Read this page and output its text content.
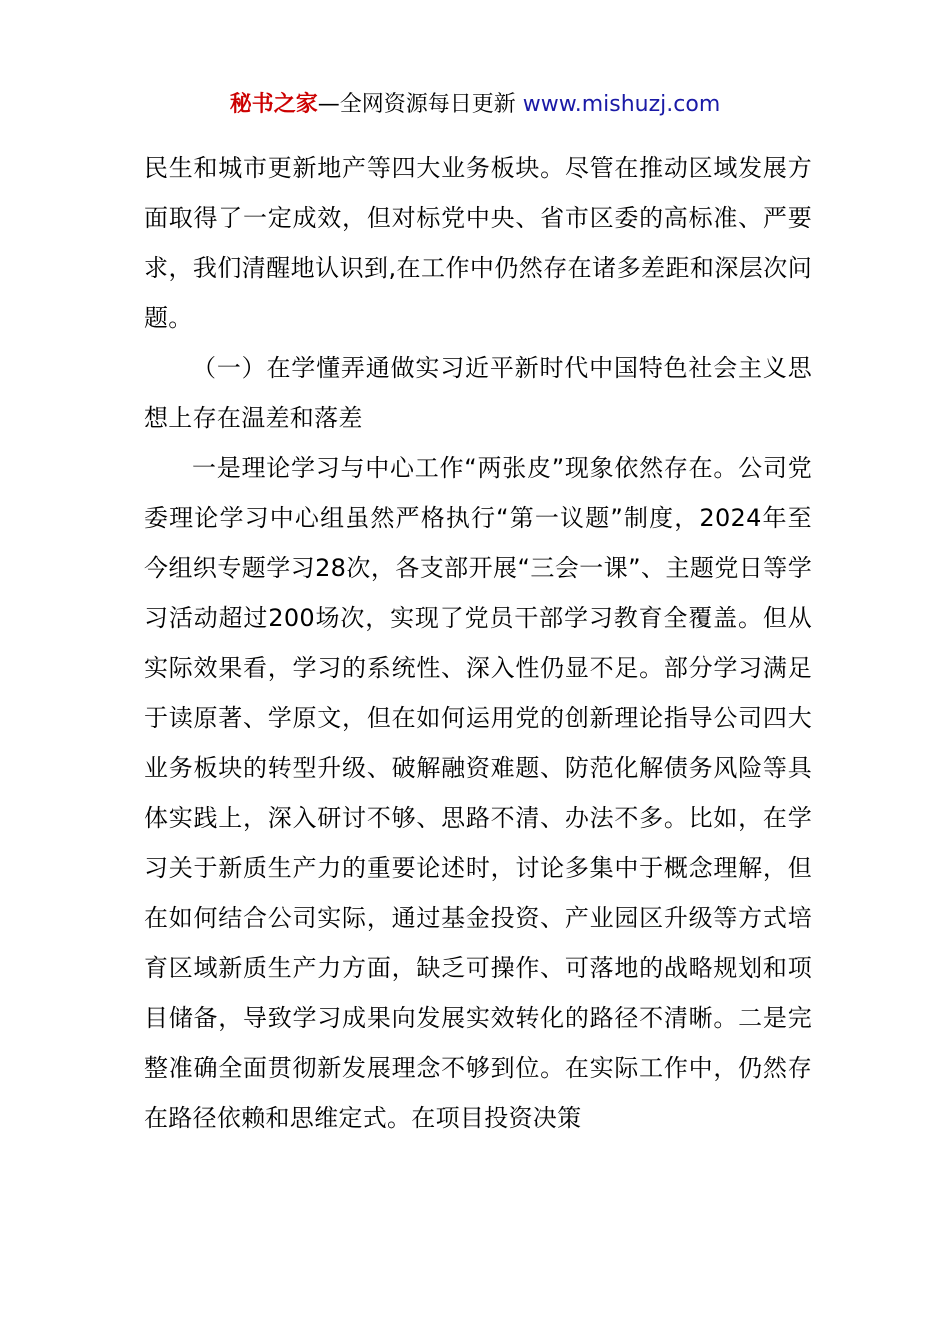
秘书之家—全网资源每日更新 www.mishuzj.com

民生和城市更新地产等四大业务板块。尽管在推动区域发展方面取得了一定成效，但对标党中央、省市区委的高标准、严要求，我们清醒地认识到,在工作中仍然存在诸多差距和深层次问题。

（一）在学懂弄通做实习近平新时代中国特色社会主义思想上存在温差和落差

一是理论学习与中心工作“两张皮”现象依然存在。公司党委理论学习中心组虽然严格执行“第一议题”制度，2024年至今组织专题学习28次，各支部开展“三会一课”、主题党日等学习活动超过200场次，实现了党员干部学习教育全覆盖。但从实际效果看，学习的系统性、深入性仍显不足。部分学习满足于读原著、学原文，但在如何运用党的创新理论指导公司四大业务板块的转型升级、破解融资难题、防范化解债务风险等具体实践上，深入研讨不够、思路不清、办法不多。比如，在学习关于新质生产力的重要论述时，讨论多集中于概念理解，但在如何结合公司实际，通过基金投资、产业园区升级等方式培育区域新质生产力方面，缺乏可操作、可落地的战略规划和项目储备，导致学习成果向发展实效转化的路径不清晰。二是完整准确全面贯彻新发展理念不够到位。在实际工作中，仍然存在路径依赖和思维定式。在项目投资决策
